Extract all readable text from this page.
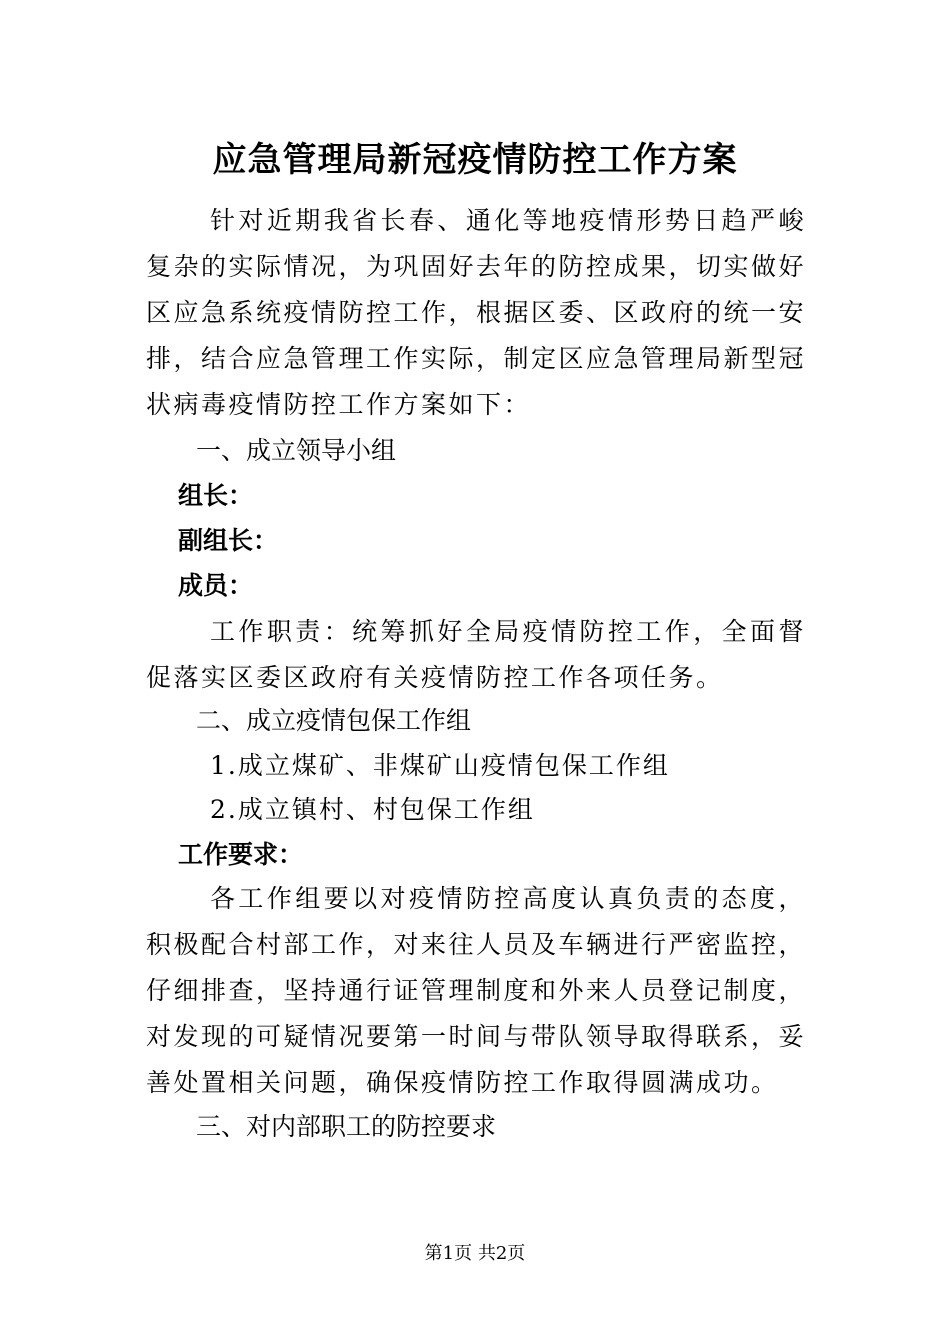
应急管理局新冠疫情防控工作方案

针对近期我省长春、通化等地疫情形势日趋严峻复杂的实际情况，为巩固好去年的防控成果，切实做好区应急系统疫情防控工作，根据区委、区政府的统一安排，结合应急管理工作实际，制定区应急管理局新型冠状病毒疫情防控工作方案如下：

一、成立领导小组

组长：

副组长：

成员：

工作职责：统筹抓好全局疫情防控工作，全面督促落实区委区政府有关疫情防控工作各项任务。

二、成立疫情包保工作组

1.成立煤矿、非煤矿山疫情包保工作组

2.成立镇村、村包保工作组

工作要求：

各工作组要以对疫情防控高度认真负责的态度，积极配合村部工作，对来往人员及车辆进行严密监控，仔细排查，坚持通行证管理制度和外来人员登记制度，对发现的可疑情况要第一时间与带队领导取得联系，妥善处置相关问题，确保疫情防控工作取得圆满成功。

三、对内部职工的防控要求

第1页 共2页
